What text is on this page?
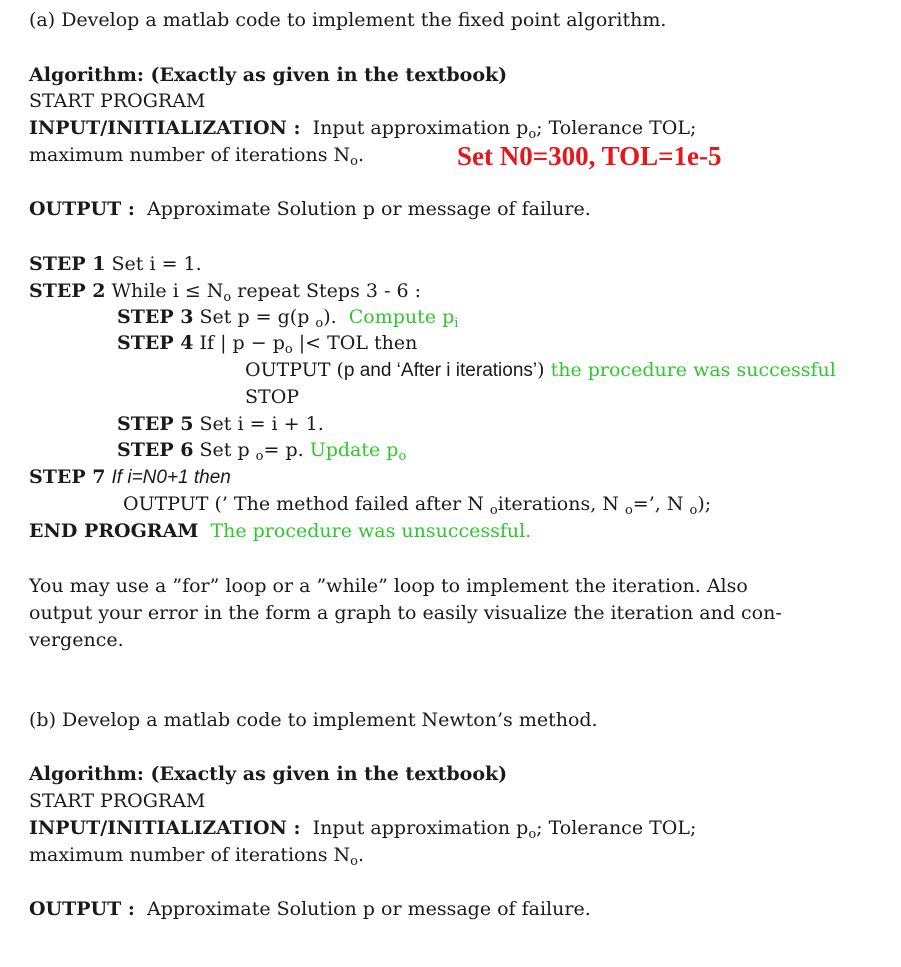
(a) Develop a matlab code to implement the fixed point algorithm.
Algorithm: (Exactly as given in the textbook)
START PROGRAM
INPUT/INITIALIZATION : Input approximation $p_o$; Tolerance TOL;
maximum number of iterations $N_o$.	Set N0=300, TOL=1e-5
OUTPUT : Approximate Solution p or message of failure.
STEP 1 Set i = 1.
STEP 2 While $i \le N_o$ repeat Steps 3 - 6 :
STEP 3 Set p = g(p $_o$). Compute $p_i$
STEP 4 If | $p - p_o$ |< TOL then
OUTPUT (p and ‘After i iterations’) the procedure was successful
STOP
STEP 5 Set i = i + 1.
STEP 6 Set p $_o$= p. Update $p_o$
STEP 7 If i=N0+1 then
OUTPUT (’ The method failed after N $_o$iterations, N $_o$=’, N $_o$);
END PROGRAM The procedure was unsuccessful.
You may use a ”for” loop or a ”while” loop to implement the iteration. Also
output your error in the form a graph to easily visualize the iteration and con-
vergence.
(b) Develop a matlab code to implement Newton’s method.
Algorithm: (Exactly as given in the textbook)
START PROGRAM
INPUT/INITIALIZATION : Input approximation $p_o$; Tolerance TOL;
maximum number of iterations $N_o$.
OUTPUT : Approximate Solution p or message of failure.
